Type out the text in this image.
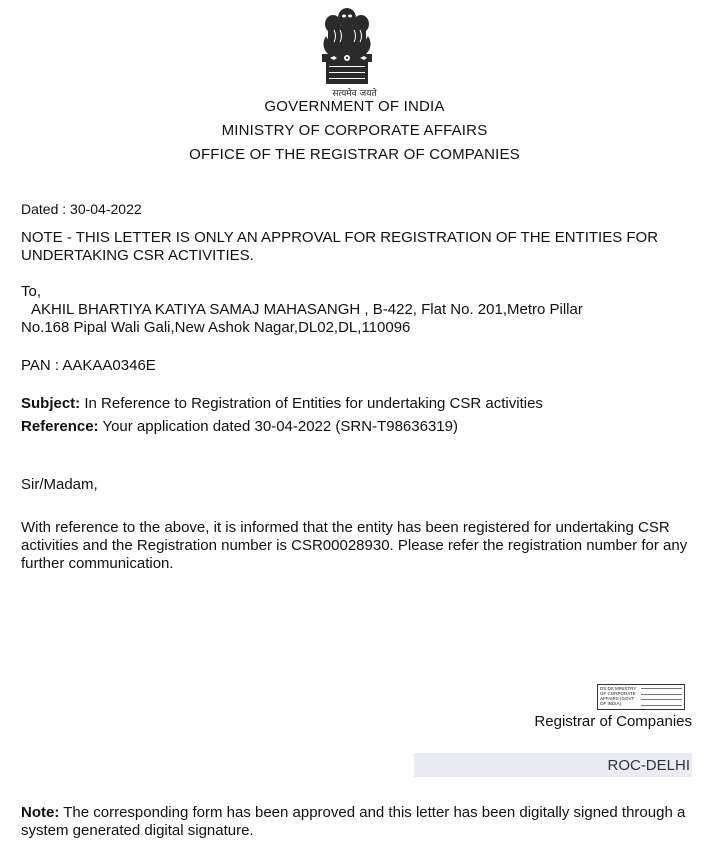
सत्यमेव जयते
GOVERNMENT OF INDIA
MINISTRY OF CORPORATE AFFAIRS
OFFICE OF THE REGISTRAR OF COMPANIES
Dated : 30-04-2022
NOTE - THIS LETTER IS ONLY AN APPROVAL FOR REGISTRATION OF THE ENTITIES FOR UNDERTAKING CSR ACTIVITIES.
To,
AKHIL BHARTIYA KATIYA SAMAJ MAHASANGH , B-422, Flat No. 201,Metro Pillar
No.168 Pipal Wali Gali,New Ashok Nagar,DL02,DL,110096
PAN : AAKAA0346E
Subject: In Reference to Registration of Entities for undertaking CSR activities
Reference: Your application dated 30-04-2022 (SRN-T98636319)
Sir/Madam,
With reference to the above, it is informed that the entity has been registered for undertaking CSR activities and the Registration number is CSR00028930. Please refer the registration number for any further communication.
DS DS MINISTRY OF CORPORATE AFFAIRS (GOVT OF INDIA)
Registrar of Companies
ROC-DELHI
Note: The corresponding form has been approved and this letter has been digitally signed through a system generated digital signature.
